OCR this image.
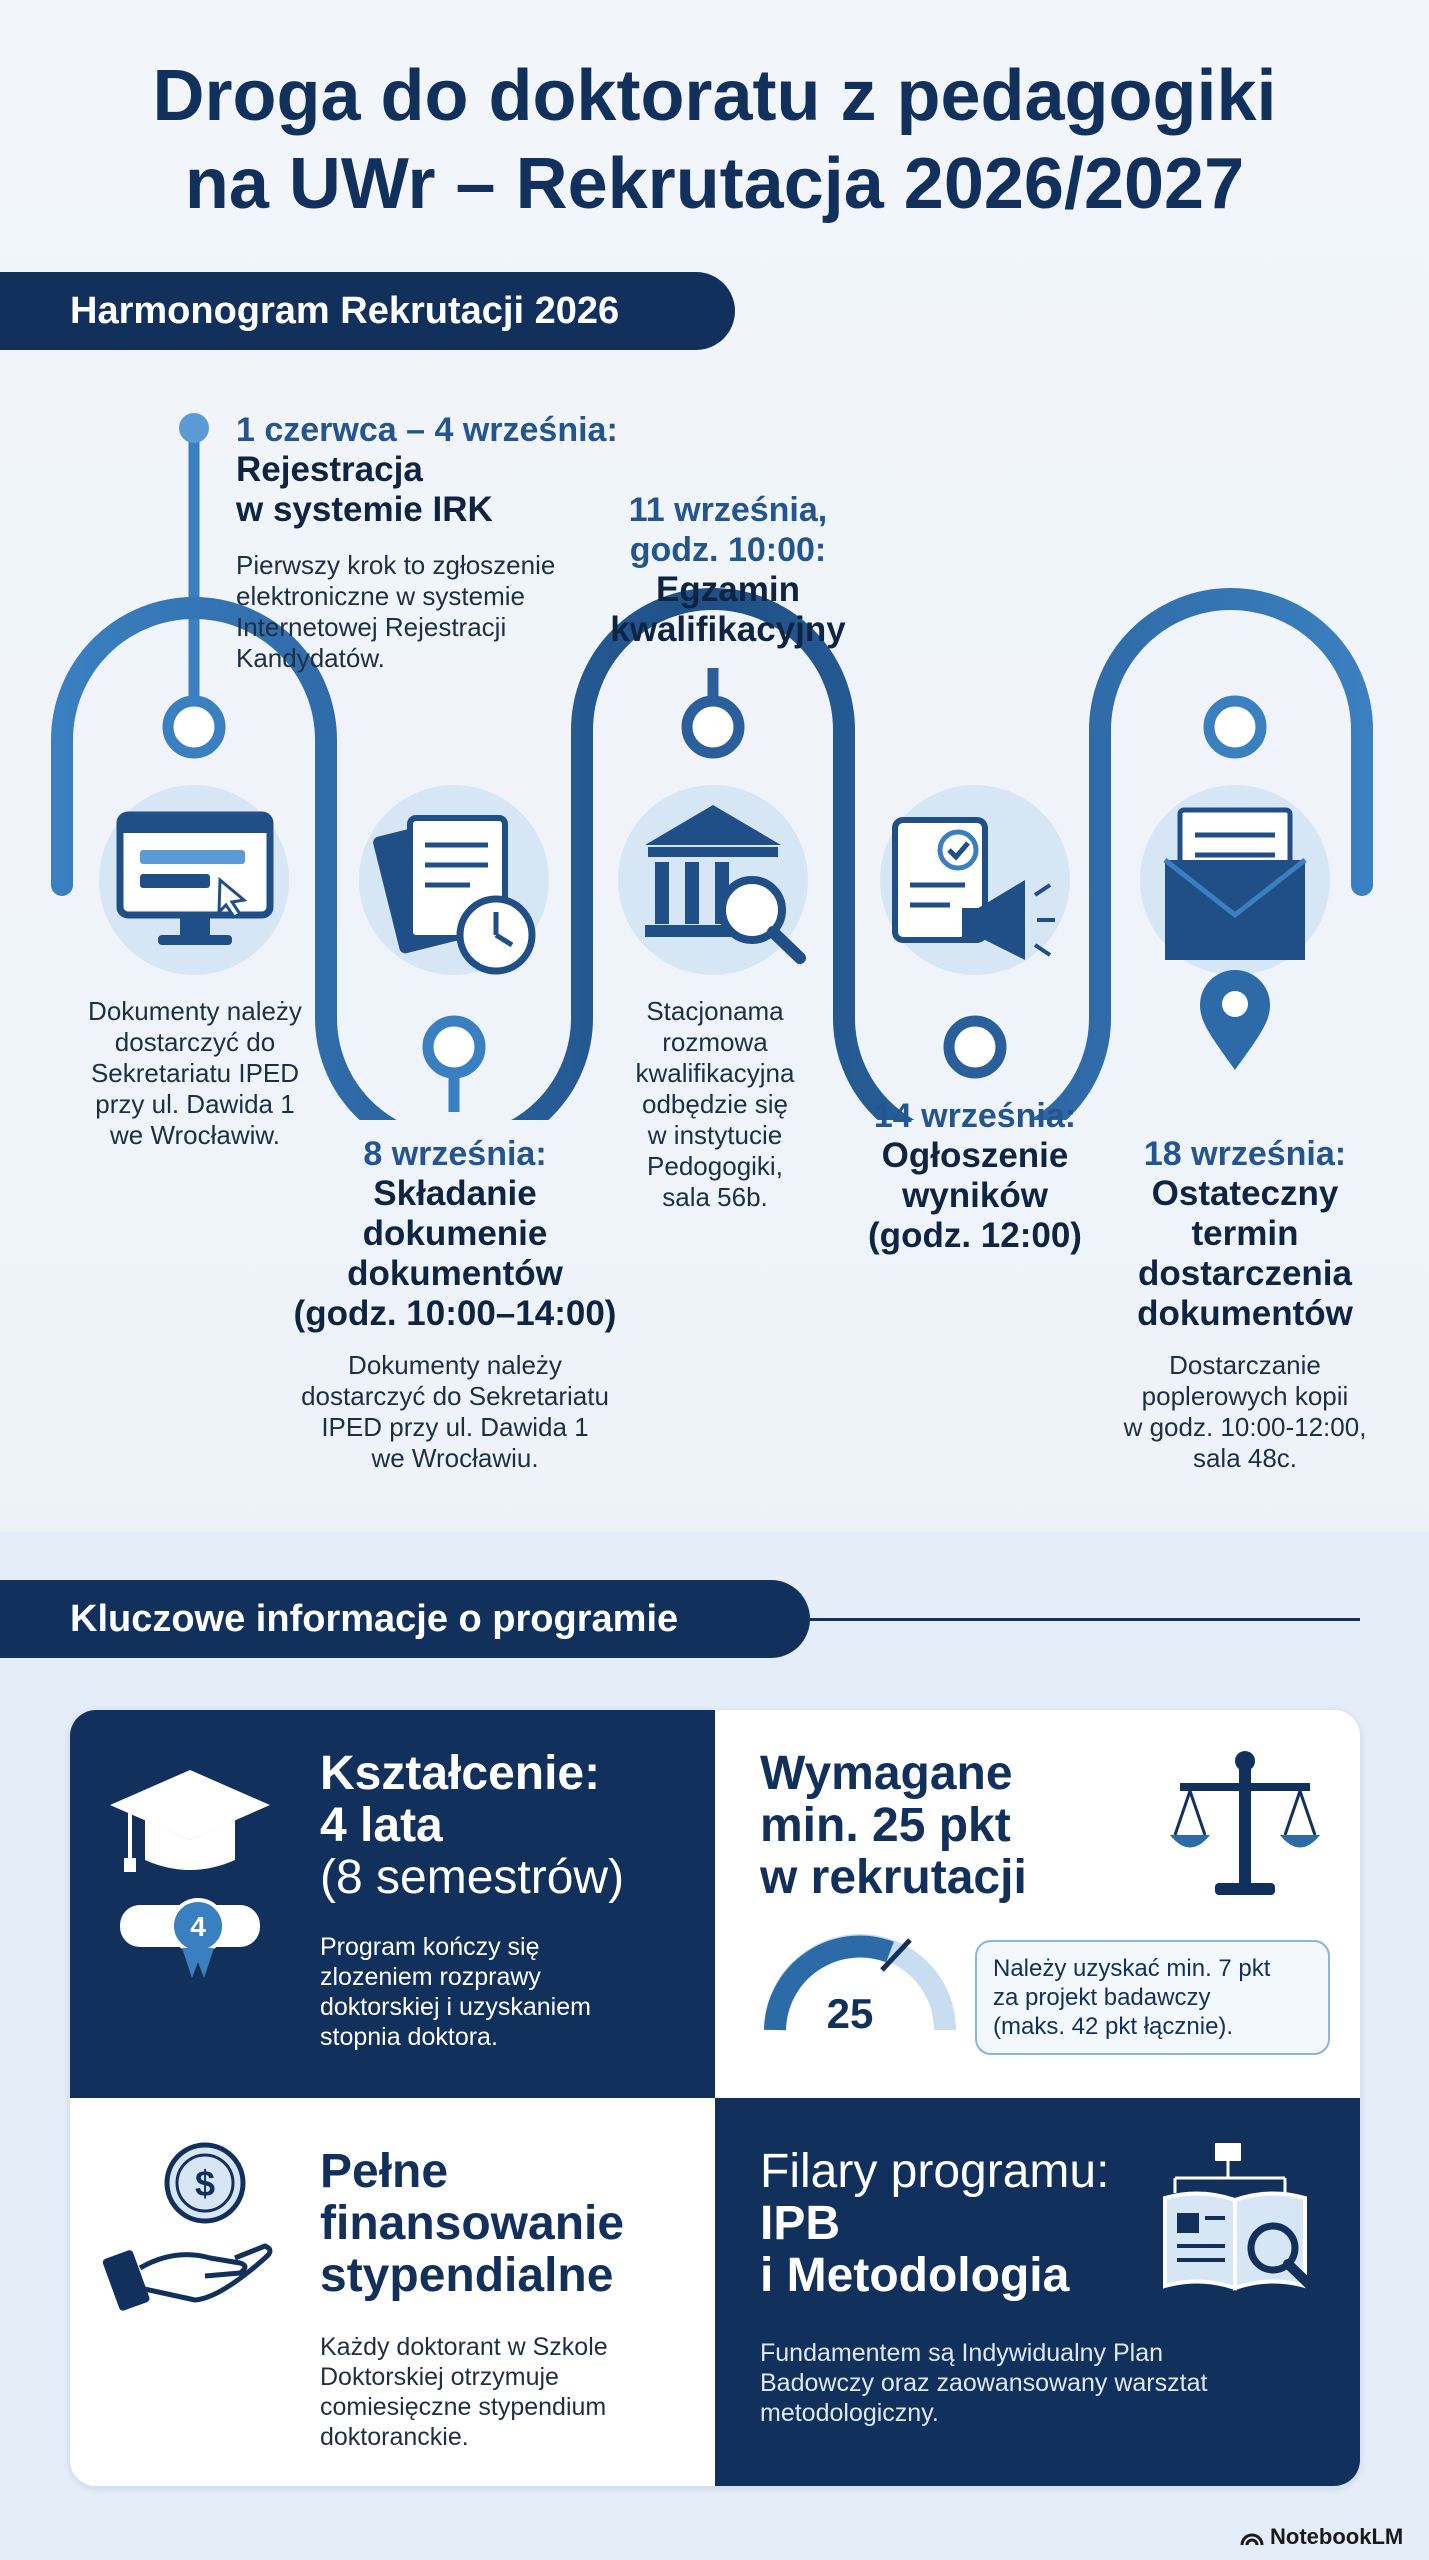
Droga do doktoratu z pedagogiki
na UWr – Rekrutacja 2026/2027
Harmonogram Rekrutacji 2026
1 czerwca – 4 września:
Rejestracja
w systemie IRK
Pierwszy krok to zgłoszenie
elektroniczne w systemie
Internetowej Rejestracji
Kandydatów.
11 września,
godz. 10:00:
Egzamin
kwalifikacyjny
Dokumenty należy
dostarczyć do
Sekretariatu IPED
przy ul. Dawida 1
we Wrocławiw.
Stacjonama
rozmowa
kwalifikacyjna
odbędzie się
w instytucie
Pedogogiki,
sala 56b.
8 września:
Składanie
dokumenie
dokumentów
(godz. 10:00–14:00)
Dokumenty należy
dostarczyć do Sekretariatu
IPED przy ul. Dawida 1
we Wrocławiu.
14 września:
Ogłoszenie
wyników
(godz. 12:00)
18 września:
Ostateczny
termin
dostarczenia
dokumentów
Dostarczanie
poplerowych kopii
w godz. 10:00-12:00,
sala 48c.
Kluczowe informacje o programie
4
Kształcenie:
4 lata
(8 semestrów)
Program kończy się
zlozeniem rozprawy
doktorskiej i uzyskaniem
stopnia doktora.
Wymagane
min. 25 pkt
w rekrutacji
25
Należy uzyskać min. 7 pkt
za projekt badawczy
(maks. 42 pkt łącznie).
$ Pełne
finansowanie
stypendialne
Każdy doktorant w Szkole
Doktorskiej otrzymuje
comiesięczne stypendium
doktoranckie.
Filary programu:
IPB
i Metodologia
Fundamentem są Indywidualny Plan
Badowczy oraz zaowansowany warsztat
metodologiczny.
NotebookLM
